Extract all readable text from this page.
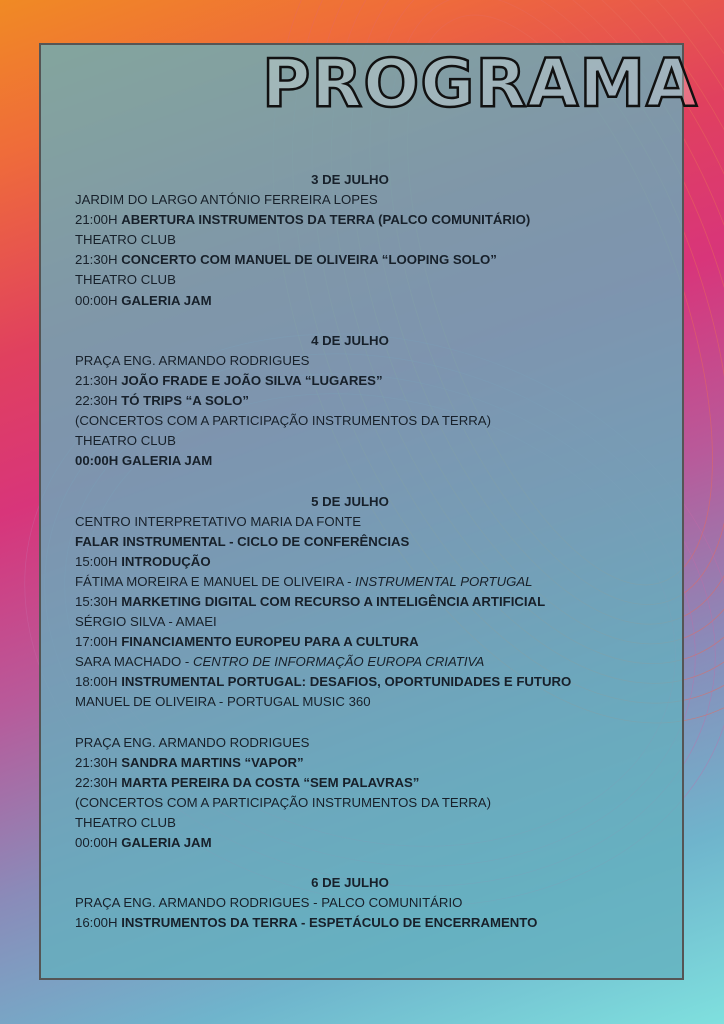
PROGRAMA
3 DE JULHO
JARDIM DO LARGO ANTÓNIO FERREIRA LOPES
21:00H ABERTURA INSTRUMENTOS DA TERRA (PALCO COMUNITÁRIO)
THEATRO CLUB
21:30H CONCERTO COM MANUEL DE OLIVEIRA “LOOPING SOLO”
THEATRO CLUB
00:00H GALERIA JAM
4 DE JULHO
PRAÇA ENG. ARMANDO RODRIGUES
21:30H JOÃO FRADE E JOÃO SILVA “LUGARES”
22:30H TÓ TRIPS “A SOLO”
(CONCERTOS COM A PARTICIPAÇÃO INSTRUMENTOS DA TERRA)
THEATRO CLUB
00:00H GALERIA JAM
5 DE JULHO
CENTRO INTERPRETATIVO MARIA DA FONTE
FALAR INSTRUMENTAL - CICLO DE CONFERÊNCIAS
15:00H INTRODUÇÃO
FÁTIMA MOREIRA E MANUEL DE OLIVEIRA - INSTRUMENTAL PORTUGAL
15:30H MARKETING DIGITAL COM RECURSO A INTELIGÊNCIA ARTIFICIAL
SÉRGIO SILVA - AMAEI
17:00H FINANCIAMENTO EUROPEU PARA A CULTURA
SARA MACHADO - CENTRO DE INFORMAÇÃO EUROPA CRIATIVA
18:00H INSTRUMENTAL PORTUGAL: DESAFIOS, OPORTUNIDADES E FUTURO
MANUEL DE OLIVEIRA - PORTUGAL MUSIC 360
PRAÇA ENG. ARMANDO RODRIGUES
21:30H SANDRA MARTINS “VAPOR”
22:30H MARTA PEREIRA DA COSTA “SEM PALAVRAS”
(CONCERTOS COM A PARTICIPAÇÃO INSTRUMENTOS DA TERRA)
THEATRO CLUB
00:00H GALERIA JAM
6 DE JULHO
PRAÇA ENG. ARMANDO RODRIGUES - PALCO COMUNITÁRIO
16:00H INSTRUMENTOS DA TERRA - ESPETÁCULO DE ENCERRAMENTO
